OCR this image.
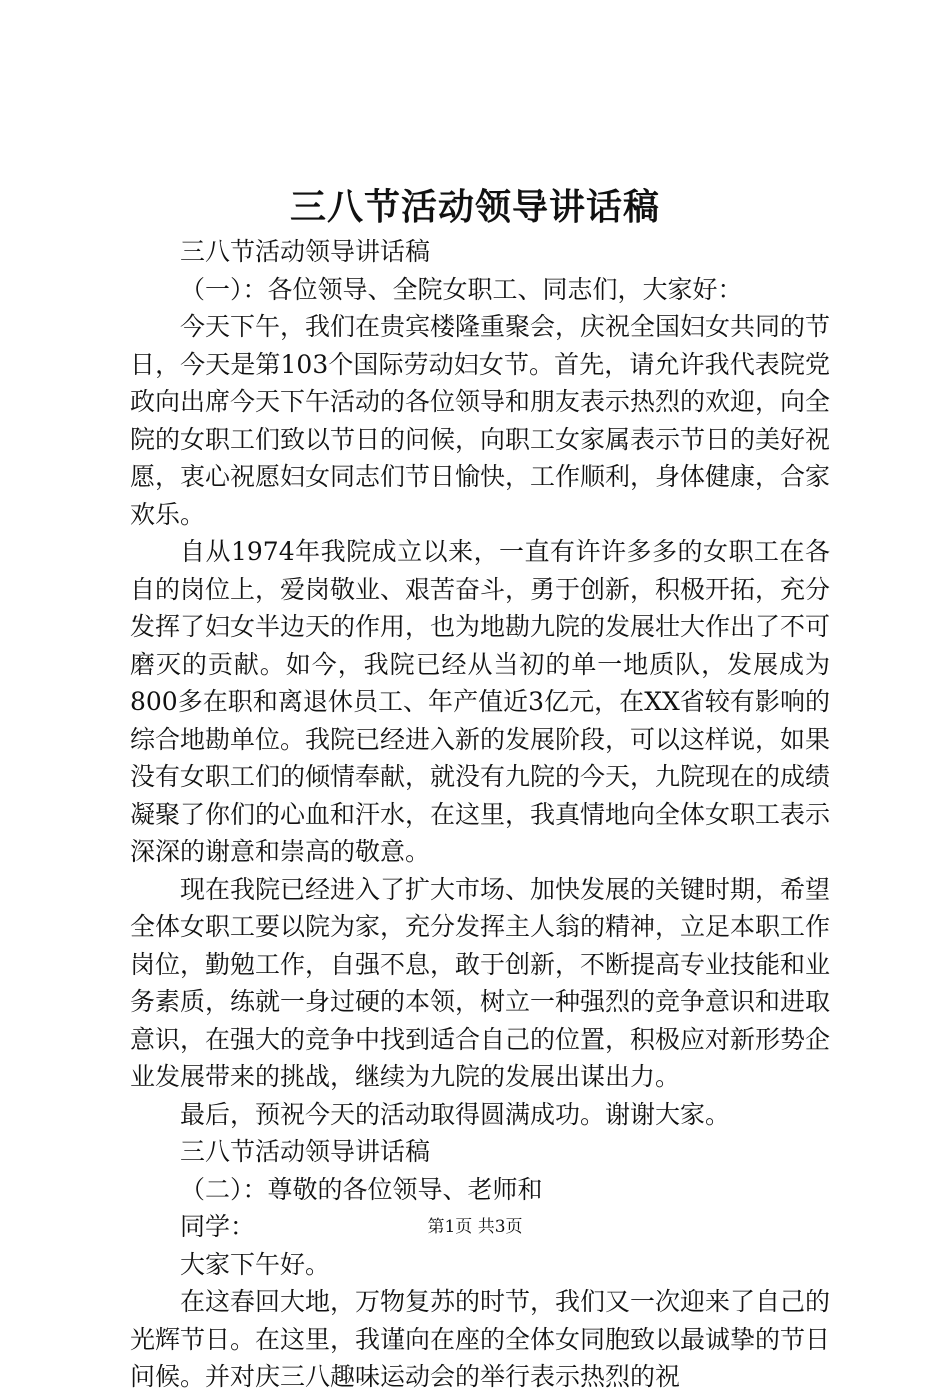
三八节活动领导讲话稿

三八节活动领导讲话稿

（一）：各位领导、全院女职工、同志们，大家好：

今天下午，我们在贵宾楼隆重聚会，庆祝全国妇女共同的节日，今天是第103个国际劳动妇女节。首先，请允许我代表院党政向出席今天下午活动的各位领导和朋友表示热烈的欢迎，向全院的女职工们致以节日的问候，向职工女家属表示节日的美好祝愿，衷心祝愿妇女同志们节日愉快，工作顺利，身体健康，合家欢乐。

自从1974年我院成立以来，一直有许许多多的女职工在各自的岗位上，爱岗敬业、艰苦奋斗，勇于创新，积极开拓，充分发挥了妇女半边天的作用，也为地勘九院的发展壮大作出了不可磨灭的贡献。如今，我院已经从当初的单一地质队，发展成为800多在职和离退休员工、年产值近3亿元，在XX省较有影响的综合地勘单位。我院已经进入新的发展阶段，可以这样说，如果没有女职工们的倾情奉献，就没有九院的今天，九院现在的成绩凝聚了你们的心血和汗水，在这里，我真情地向全体女职工表示深深的谢意和崇高的敬意。

现在我院已经进入了扩大市场、加快发展的关键时期，希望全体女职工要以院为家，充分发挥主人翁的精神，立足本职工作岗位，勤勉工作，自强不息，敢于创新，不断提高专业技能和业务素质，练就一身过硬的本领，树立一种强烈的竞争意识和进取意识，在强大的竞争中找到适合自己的位置，积极应对新形势企业发展带来的挑战，继续为九院的发展出谋出力。

最后，预祝今天的活动取得圆满成功。谢谢大家。

三八节活动领导讲话稿

（二）：尊敬的各位领导、老师和

同学：

大家下午好。

在这春回大地，万物复苏的时节，我们又一次迎来了自己的光辉节日。在这里，我谨向在座的全体女同胞致以最诚挚的节日问候。并对庆三八趣味运动会的举行表示热烈的祝

第1页 共3页
